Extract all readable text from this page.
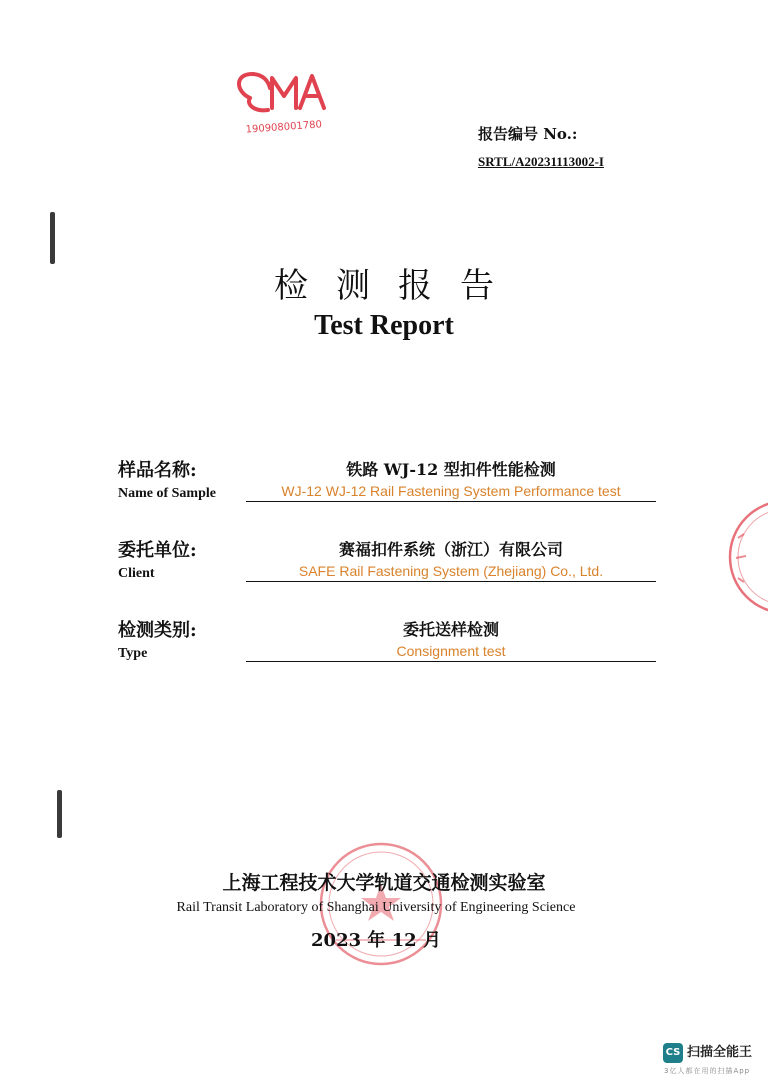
190908001780	报告编号 No.:
SRTL/A20231113002-I
检测报告
Test Report
样品名称:
Name of Sample
铁路 WJ-12 型扣件性能检测
WJ-12 WJ-12 Rail Fastening System Performance test
委托单位:
Client
赛福扣件系统（浙江）有限公司
SAFE Rail Fastening System (Zhejiang) Co., Ltd.
检测类别:
Type
委托送样检测
Consignment test
上海工程技术大学轨道交通检测实验室
Rail Transit Laboratory of Shanghai University of Engineering Science
2023 年 12 月
CS 扫描全能王
3亿人都在用的扫描App
